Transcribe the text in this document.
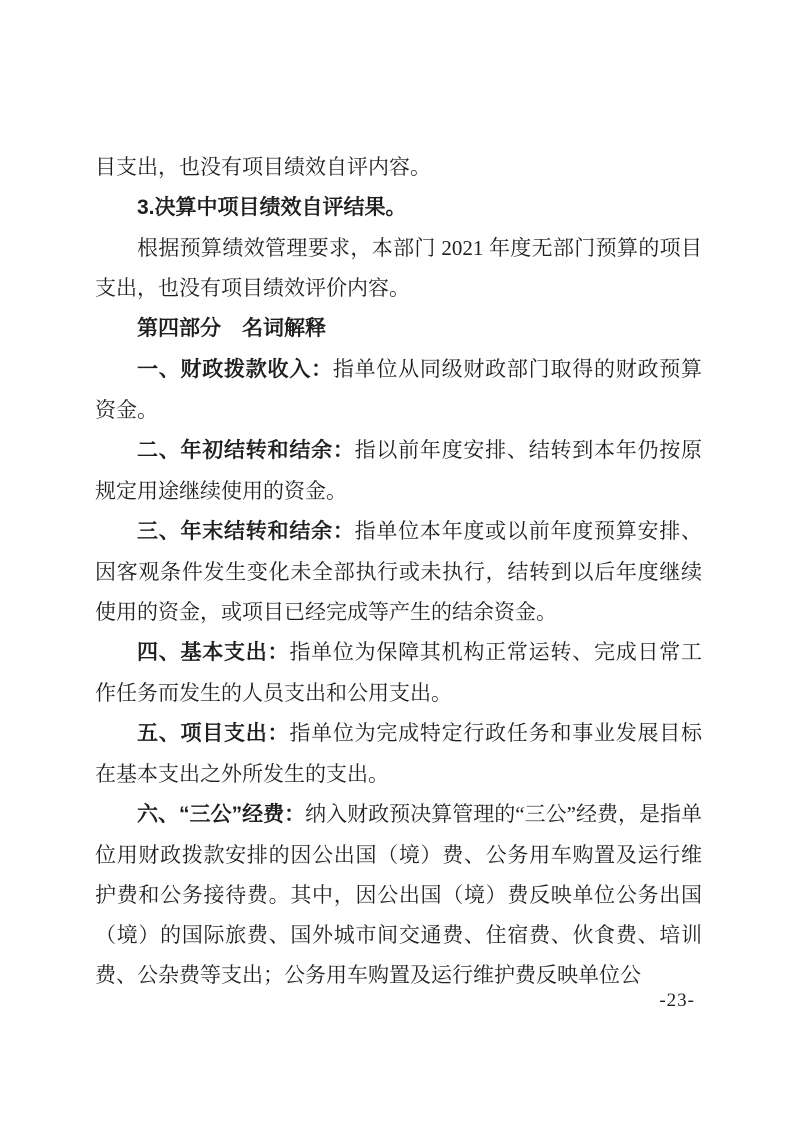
目支出，也没有项目绩效自评内容。

3.决算中项目绩效自评结果。

根据预算绩效管理要求，本部门 2021 年度无部门预算的项目支出，也没有项目绩效评价内容。

第四部分　名词解释

一、财政拨款收入：指单位从同级财政部门取得的财政预算资金。

二、年初结转和结余：指以前年度安排、结转到本年仍按原规定用途继续使用的资金。

三、年末结转和结余：指单位本年度或以前年度预算安排、因客观条件发生变化未全部执行或未执行，结转到以后年度继续使用的资金，或项目已经完成等产生的结余资金。

四、基本支出：指单位为保障其机构正常运转、完成日常工作任务而发生的人员支出和公用支出。

五、项目支出：指单位为完成特定行政任务和事业发展目标在基本支出之外所发生的支出。

六、“三公”经费：纳入财政预决算管理的“三公”经费，是指单位用财政拨款安排的因公出国（境）费、公务用车购置及运行维护费和公务接待费。其中，因公出国（境）费反映单位公务出国（境）的国际旅费、国外城市间交通费、住宿费、伙食费、培训费、公杂费等支出；公务用车购置及运行维护费反映单位公

-23-
